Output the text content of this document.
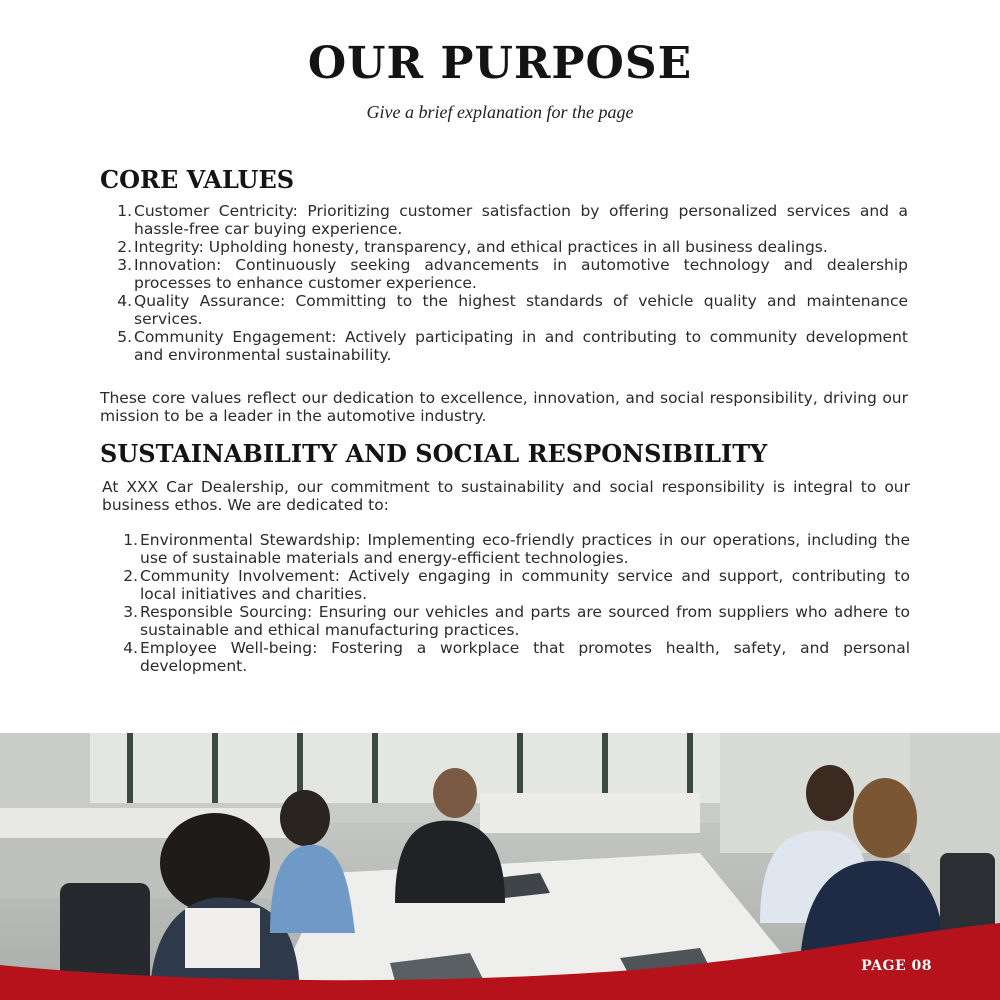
OUR PURPOSE
Give a brief explanation for the page
CORE VALUES
1. Customer Centricity: Prioritizing customer satisfaction by offering personalized services and a hassle-free car buying experience.
2. Integrity: Upholding honesty, transparency, and ethical practices in all business dealings.
3. Innovation: Continuously seeking advancements in automotive technology and dealership processes to enhance customer experience.
4. Quality Assurance: Committing to the highest standards of vehicle quality and maintenance services.
5. Community Engagement: Actively participating in and contributing to community development and environmental sustainability.

These core values reflect our dedication to excellence, innovation, and social responsibility, driving our mission to be a leader in the automotive industry.

SUSTAINABILITY AND SOCIAL RESPONSIBILITY

At XXX Car Dealership, our commitment to sustainability and social responsibility is integral to our business ethos. We are dedicated to:

1. Environmental Stewardship: Implementing eco-friendly practices in our operations, including the use of sustainable materials and energy-efficient technologies.
2. Community Involvement: Actively engaging in community service and support, contributing to local initiatives and charities.
3. Responsible Sourcing: Ensuring our vehicles and parts are sourced from suppliers who adhere to sustainable and ethical manufacturing practices.
4. Employee Well-being: Fostering a workplace that promotes health, safety, and personal development.
PAGE 08
